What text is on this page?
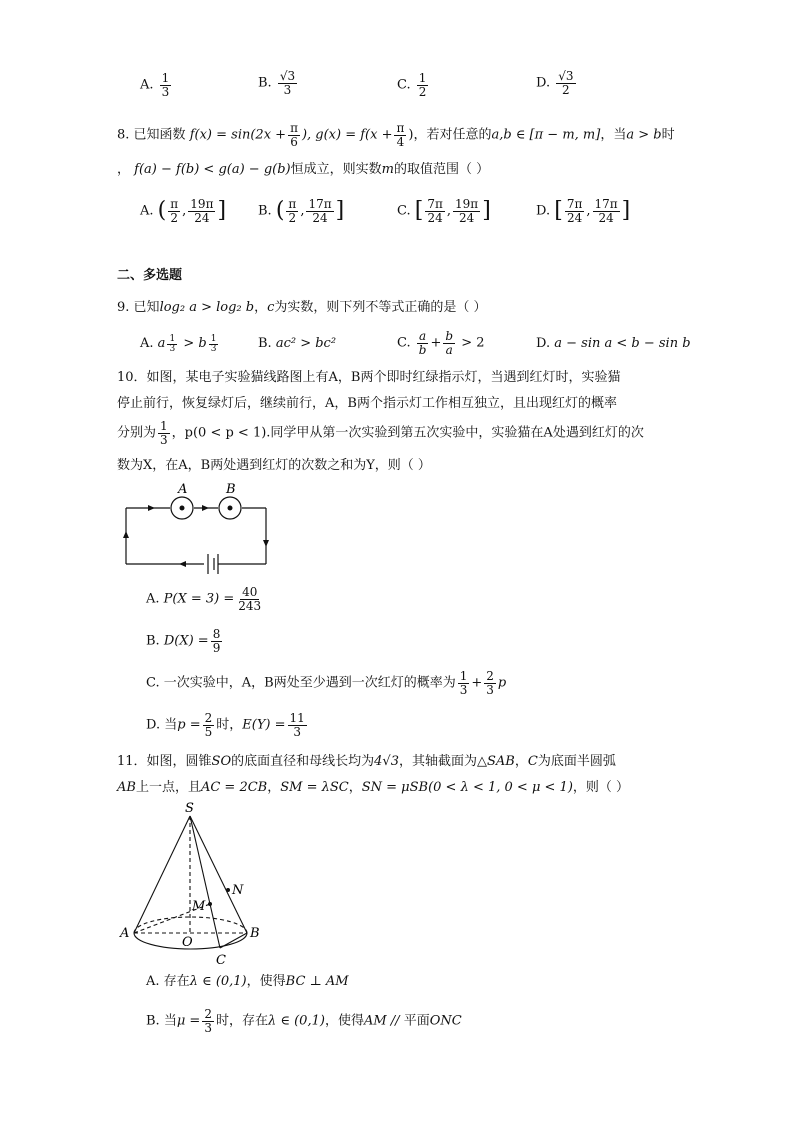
A. $\frac{1}{3}$	B. $\frac{√3}{3}$	C. $\frac{1}{2}$	D. $\frac{√3}{2}$
8. 已知函数 $f(x) = \sin(2x + \frac{\pi}{6}$ ), $g(x) = f(x + \frac{\pi}{4}$ )，若对任意的a,b ∈ [π − m, m]，当a > b时
， f(a) − f(b) < g(a) − g(b)恒成立，则实数m的取值范围（ ）
A. ( $\frac{\pi}{2}$ , $\frac{19\pi}{24}$ ] B. ( $\frac{\pi}{2}$ , $\frac{17\pi}{24}$ ]	C. [ $\frac{7\pi}{24}$ , $\frac{19\pi}{24}$ ]	D. [ $\frac{7\pi}{24}$ , $\frac{17\pi}{24}$ ]
二、多选题
9. 已知log₂ a > log₂ b，c为实数，则下列不等式正确的是（ ）
A. a $\frac{1}{3} > b \frac{1}{3}$	B. ac² > bc²	C. $\frac{a}{b} + \frac{b}{a} > 2$	D. a − sin a < b − sin b
10．如图，某电子实验猫线路图上有A，B两个即时红绿指示灯，当遇到红灯时，实验猫
停止前行，恢复绿灯后，继续前行，A，B两个指示灯工作相互独立，且出现红灯的概率
分别为 $\frac{1}{3}$ ，p(0 < p < 1).同学甲从第一次实验到第五次实验中，实验猫在A处遇到红灯的次
数为X，在A，B两处遇到红灯的次数之和为Y，则（ ）
A	B
A. $P(X = 3) = \frac{40}{243}$
B. $D(X) = \frac{8}{9}$
C. 一次实验中，A，B两处至少遇到一次红灯的概率为 $\frac{1}{3} + \frac{2}{3}$ p
D. 当$p = \frac{2}{5}$ 时，$E(Y) = \frac{11}{3}$
11．如图，圆锥SO的底面直径和母线长均为4√3，其轴截面为△SAB，C为底面半圆弧
AB上一点，且AC = 2CB，SM = λSC，SN = μSB(0 < λ < 1, 0 < μ < 1)，则（ ）
S
N
M
A
O
B
C
A. 存在λ ∈ (0,1)，使得BC ⊥ AM
B. 当$\mu = \frac{2}{3}$ 时，存在λ ∈ (0,1)，使得AM // 平面ONC
